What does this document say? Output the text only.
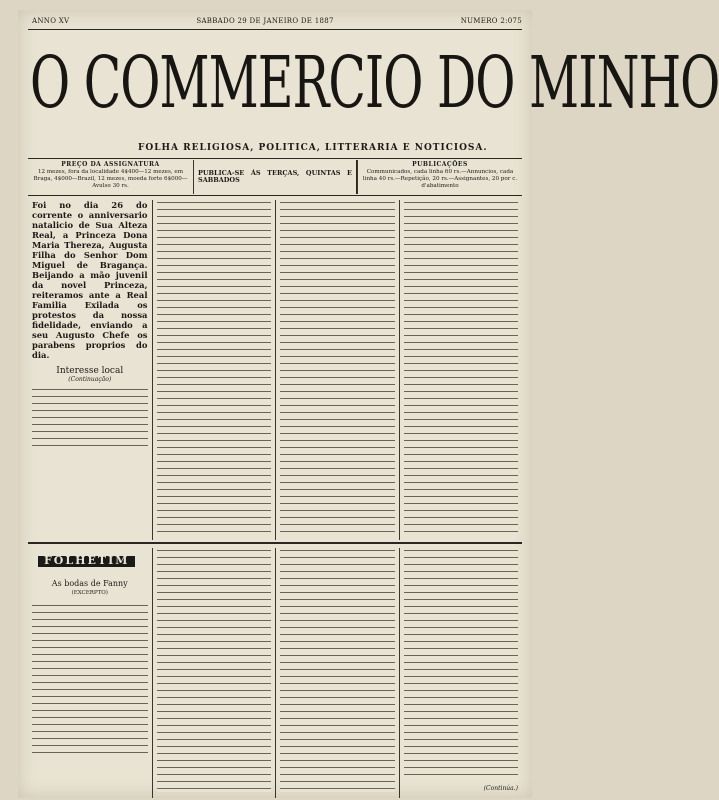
ANNO XV	SABBADO 29 DE JANEIRO DE 1887	NUMERO 2:075
O COMMERCIO DO MINHO
FOLHA RELIGIOSA, POLITICA, LITTERARIA E NOTICIOSA.
PREÇO DA ASSIGNATURA
12 mezes, fora da localidade 4$400—12 mezes, em Braga, 4$000—Brazil, 12 mezes, moeda forte 6$000—Avulso 30 rs.
PUBLICA-SE ÁS TERÇAS, QUINTAS E SABBADOS
PUBLICAÇÕES
Communicados, cada linha 60 rs.—Annuncios, cada linha 40 rs.—Repetição, 20 rs.—Assignantes, 20 por c. d'abatimento
Foi no dia 26 do corrente o anniversario natalicio de Sua Alteza Real, a Princeza Dona Maria Thereza, Augusta Filha do Senhor Dom Miguel de Bragança. Beijando a mão juvenil da novel Princeza, reiteramos ante a Real Familia Exilada os protestos da nossa fidelidade, enviando a seu Augusto Chefe os parabens proprios do dia.
Interesse local
(Continuação)
FOLHETIM
As bodas de Fanny
(EXCERPTO)
(Continúa.)
